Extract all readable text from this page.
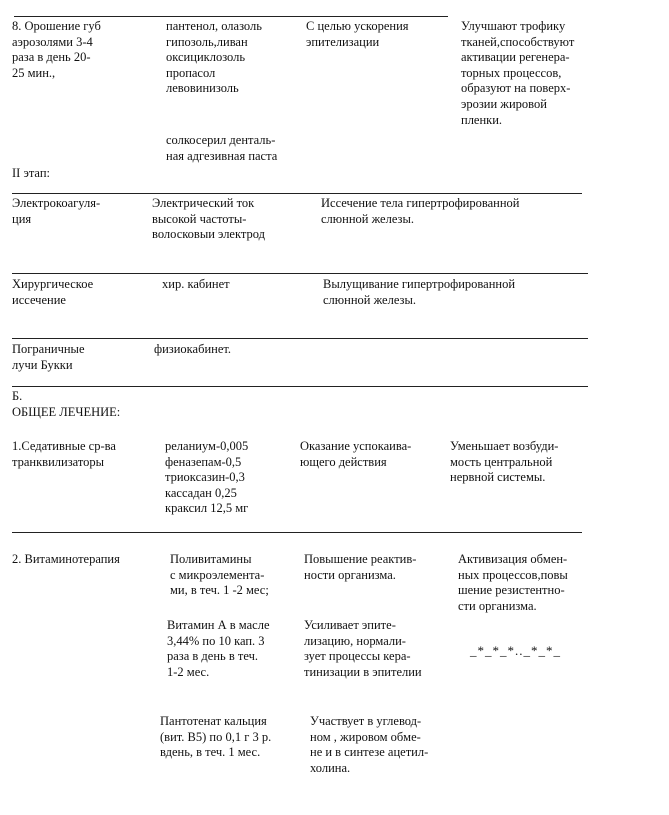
8. Орошение губ
аэрозолями 3-4
раза в день 20-
25 мин.,

пантенол, олазоль
гипозоль,ливан
оксициклозоль
пропасол
левовинизоль

солкосерил денталь-
ная адгезивная паста

С целью ускорения
эпителизации

Улучшают трофику
тканей,способствуют
активации регенера-
торных процессов,
образуют на поверх-
эрозии жировой
пленки.

II этап:

Электрокоагуля-
ция

Электрический ток
высокой частоты-
волосковыи электрод

Иссечение тела гипертрофированной
слюнной железы.

Хирургическое
иссечение

хир. кабинет	Вылущивание гипертрофированной
слюнной железы.

Пограничные
лучи Букки

физиокабинет.

Б.

ОБЩЕЕ ЛЕЧЕНИЕ:

1.Седативные ср-ва
транквилизаторы

реланиум-0,005
феназепам-0,5
триоксазин-0,3
кассадан 0,25
краксил 12,5 мг

Оказание успокаива-
ющего действия

Уменьшает возбуди-
мость центральной
нервной системы.

2. Витаминотерапия	Поливитамины
с микроэлемента-
ми, в теч. 1 -2 мес;

Витамин А в масле
3,44% по 10 кап. 3
раза в день в теч.
1-2 мес.

Пантотенат кальция
(вит. В5) по 0,1 г 3 р.
вдень, в теч. 1 мес.

Повышение реактив-
ности организма.

Усиливает эпите-
лизацию, нормали-
зует процессы кера-
тинизации в эпителии

Участвует в углевод-
ном , жировом обме-
не и в синтезе ацетил-
холина.

Активизация обмен-
ных процессов,повы
шение резистентно-
сти организма.

_*_*_*.._*_*_
